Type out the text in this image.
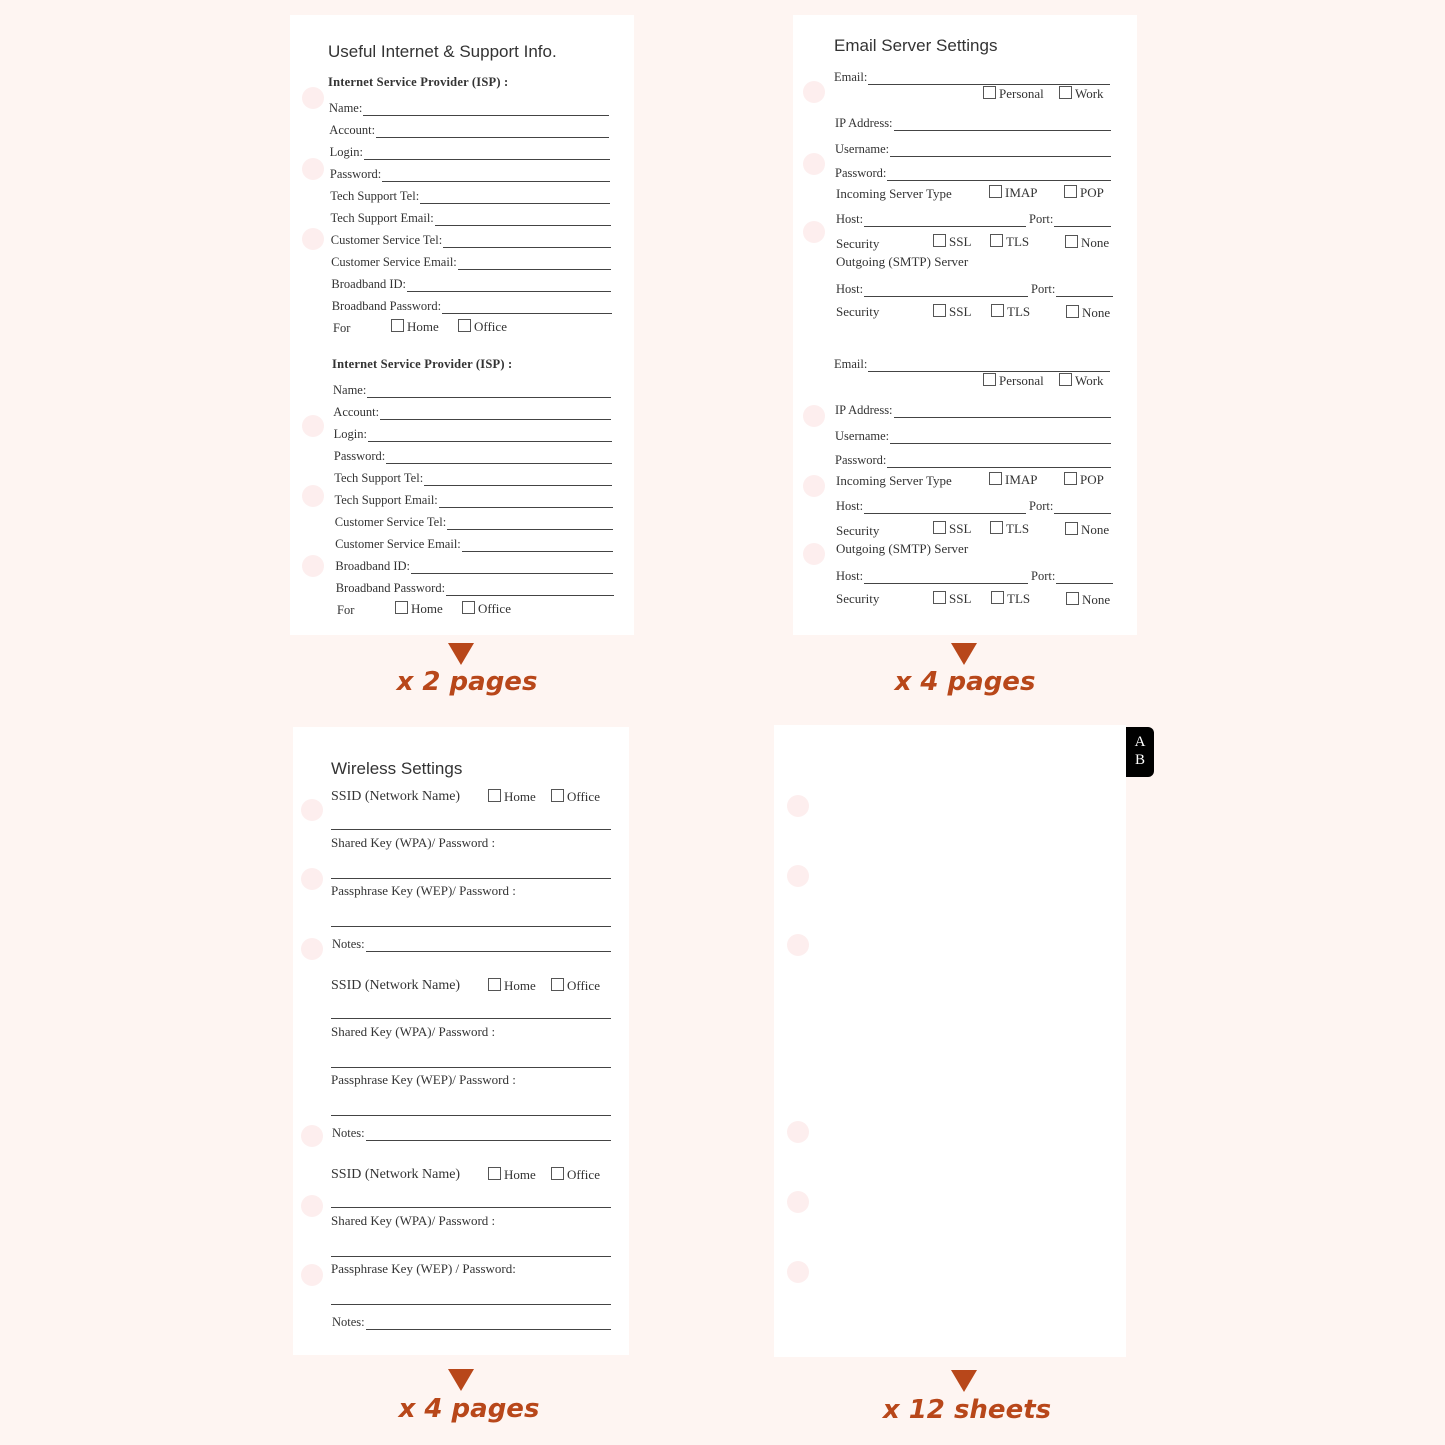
Useful Internet & Support Info.
Internet Service Provider (ISP) :
Name:
Account:
Login:
Password:
Tech Support Tel:
Tech Support Email:
Customer Service Tel:
Customer Service Email:
Broadband ID:
Broadband Password:
For	Home	Office
Internet Service Provider (ISP) :
Name:
Account:
Login:
Password:
Tech Support Tel:
Tech Support Email:
Customer Service Tel:
Customer Service Email:
Broadband ID:
Broadband Password:
For	Home	Office
Email Server Settings
Email:
Personal	Work
IP Address:
Username:
Password:
Incoming Server Type	IMAP	POP
Host:	Port:
Security	SSL	TLS	None
Outgoing (SMTP) Server
Host:	Port:
Security	SSL	TLS	None
Email:
Personal	Work
IP Address:
Username:
Password:
Incoming Server Type	IMAP	POP
Host:	Port:
Security	SSL	TLS	None
Outgoing (SMTP) Server
Host:	Port:
Security	SSL	TLS	None
Wireless Settings
SSID (Network Name)	Home	Office
Shared Key (WPA)/ Password :
Passphrase Key (WEP)/ Password :
Notes:
SSID (Network Name)	Home	Office
Shared Key (WPA)/ Password :
Passphrase Key (WEP)/ Password :
Notes:
SSID (Network Name)	Home	Office
Shared Key (WPA)/ Password :
Passphrase Key (WEP) / Password:
Notes:
A
B
x 2 pages	x 4 pages
x 4 pages	x 12 sheets
